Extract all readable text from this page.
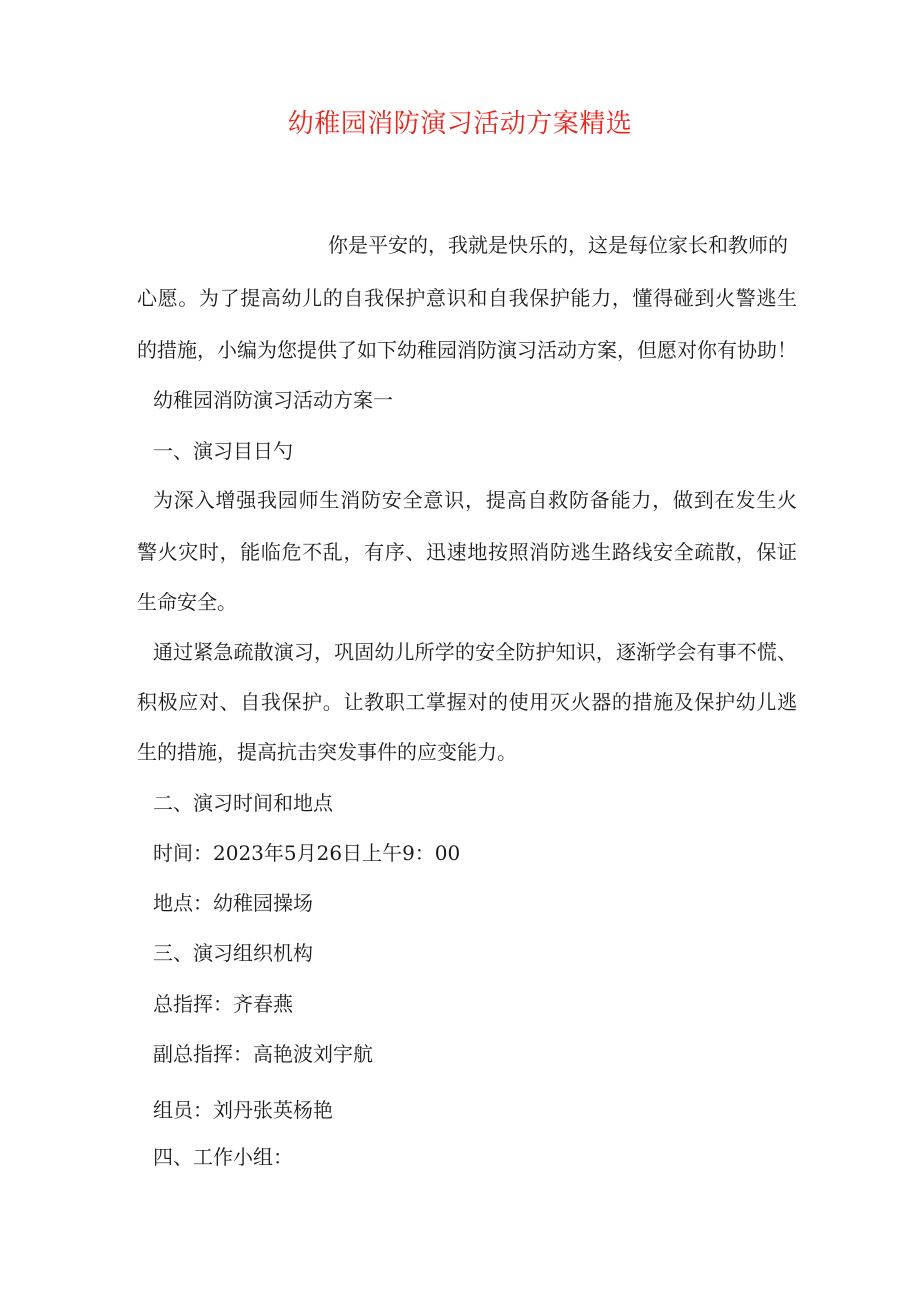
幼稚园消防演习活动方案精选
你是平安的，我就是快乐的，这是每位家长和教师的
心愿。为了提高幼儿的自我保护意识和自我保护能力，懂得碰到火警逃生
的措施，小编为您提供了如下幼稚园消防演习活动方案，但愿对你有协助！
幼稚园消防演习活动方案一
一、演习目日勺
为深入增强我园师生消防安全意识，提高自救防备能力，做到在发生火
警火灾时，能临危不乱，有序、迅速地按照消防逃生路线安全疏散，保证
生命安全。
通过紧急疏散演习，巩固幼儿所学的安全防护知识，逐渐学会有事不慌、
积极应对、自我保护。让教职工掌握对的使用灭火器的措施及保护幼儿逃
生的措施，提高抗击突发事件的应变能力。
二、演习时间和地点
时间：2023年5月26日上午9：00
地点：幼稚园操场
三、演习组织机构
总指挥：齐春燕
副总指挥：高艳波刘宇航
组员：刘丹张英杨艳
四、工作小组：
